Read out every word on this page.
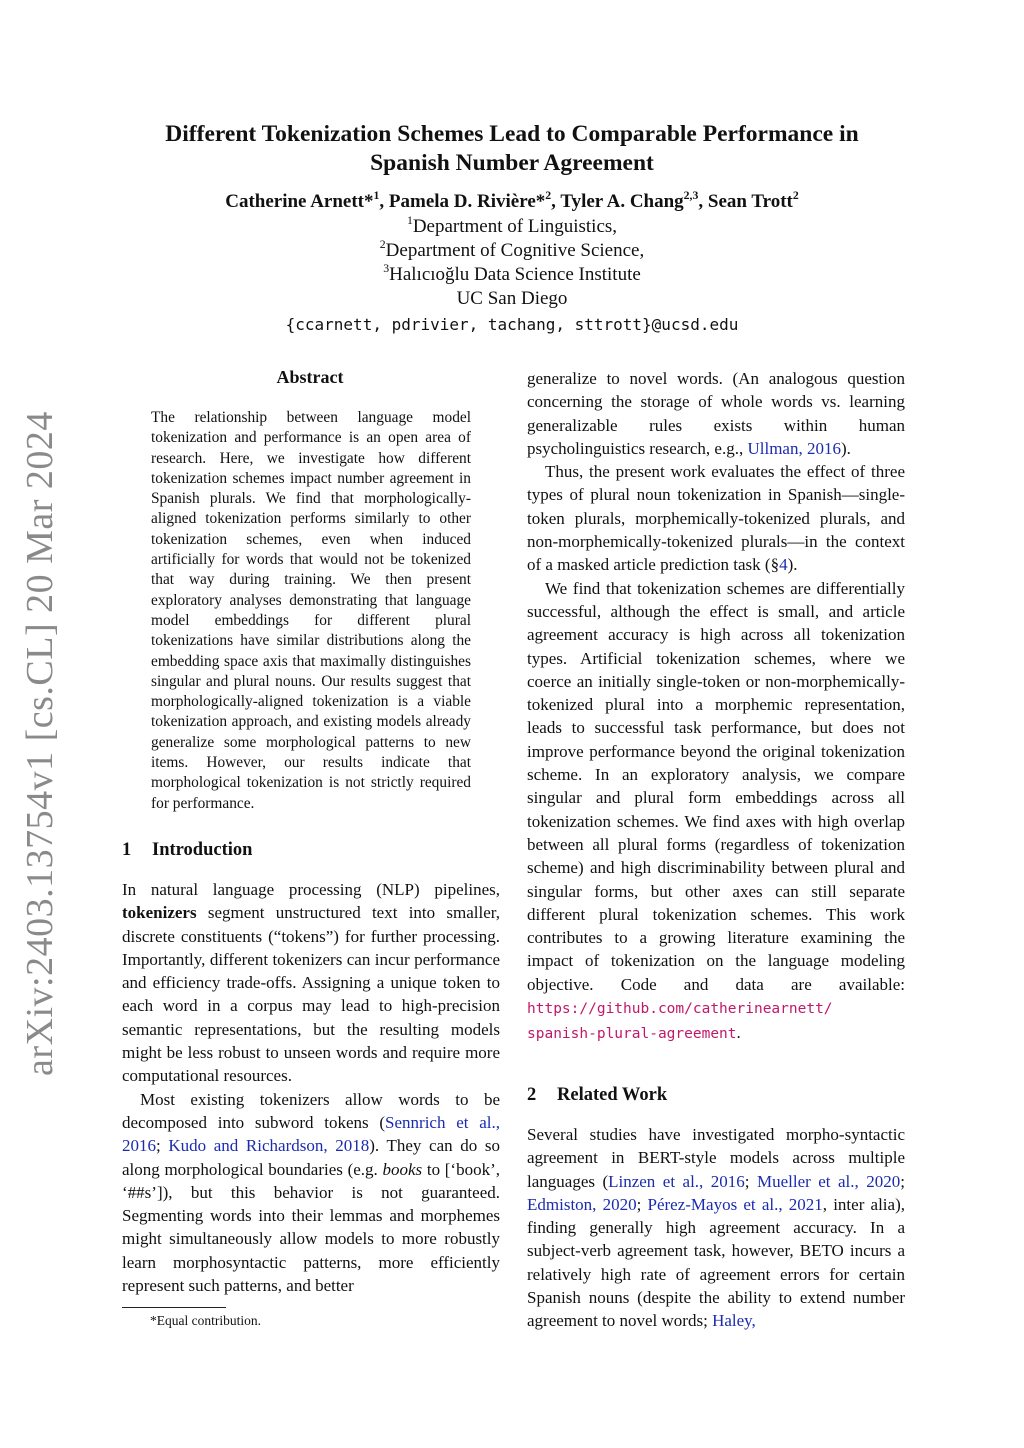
arXiv:2403.13754v1 [cs.CL] 20 Mar 2024
Different Tokenization Schemes Lead to Comparable Performance in
Spanish Number Agreement
Catherine Arnett*$^1$, Pamela D. Rivière*$^2$, Tyler A. Chang$^{2,3}$, Sean Trott$^2$
$^1$Department of Linguistics,
$^2$Department of Cognitive Science,
$^3$Halıcıoğlu Data Science Institute
UC San Diego
{ccarnett, pdrivier, tachang, sttrott}@ucsd.edu
Abstract

The relationship between language model tokenization and performance is an open area of research. Here, we investigate how different tokenization schemes impact number agreement in Spanish plurals. We find that morphologically-aligned tokenization performs similarly to other tokenization schemes, even when induced artificially for words that would not be tokenized that way during training. We then present exploratory analyses demonstrating that language model embeddings for different plural tokenizations have similar distributions along the embedding space axis that maximally distinguishes singular and plural nouns. Our results suggest that morphologically-aligned tokenization is a viable tokenization approach, and existing models already generalize some morphological patterns to new items. However, our results indicate that morphological tokenization is not strictly required for performance.

1 Introduction

In natural language processing (NLP) pipelines, tokenizers segment unstructured text into smaller, discrete constituents (“tokens”) for further processing. Importantly, different tokenizers can incur performance and efficiency trade-offs. Assigning a unique token to each word in a corpus may lead to high-precision semantic representations, but the resulting models might be less robust to unseen words and require more computational resources.

Most existing tokenizers allow words to be decomposed into subword tokens (Sennrich et al., 2016; Kudo and Richardson, 2018). They can do so along morphological boundaries (e.g. books to [‘book’, ‘##s’]), but this behavior is not guaranteed. Segmenting words into their lemmas and morphemes might simultaneously allow models to more robustly learn morphosyntactic patterns, more efficiently represent such patterns, and better

*Equal contribution.

generalize to novel words. (An analogous question concerning the storage of whole words vs. learning generalizable rules exists within human psycholinguistics research, e.g., Ullman, 2016).

Thus, the present work evaluates the effect of three types of plural noun tokenization in Spanish—single-token plurals, morphemically-tokenized plurals, and non-morphemically-tokenized plurals—in the context of a masked article prediction task (§4).

We find that tokenization schemes are differentially successful, although the effect is small, and article agreement accuracy is high across all tokenization types. Artificial tokenization schemes, where we coerce an initially single-token or non-morphemically-tokenized plural into a morphemic representation, leads to successful task performance, but does not improve performance beyond the original tokenization scheme. In an exploratory analysis, we compare singular and plural form embeddings across all tokenization schemes. We find axes with high overlap between all plural forms (regardless of tokenization scheme) and high discriminability between plural and singular forms, but other axes can still separate different plural tokenization schemes. This work contributes to a growing literature examining the impact of tokenization on the language modeling objective. Code and data are available: https://github.com/catherinearnett/
spanish-plural-agreement.

2 Related Work

Several studies have investigated morpho-syntactic agreement in BERT-style models across multiple languages (Linzen et al., 2016; Mueller et al., 2020; Edmiston, 2020; Pérez-Mayos et al., 2021, inter alia), finding generally high agreement accuracy. In a subject-verb agreement task, however, BETO incurs a relatively high rate of agreement errors for certain Spanish nouns (despite the ability to extend number agreement to novel words; Haley,
